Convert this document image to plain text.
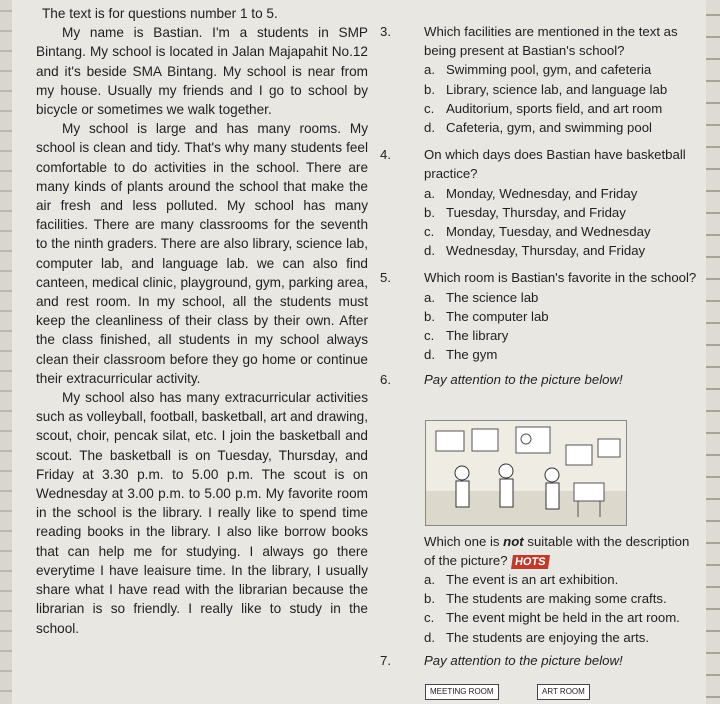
The text is for questions number 1 to 5.

My name is Bastian. I'm a students in SMP Bintang. My school is located in Jalan Majapahit No.12 and it's beside SMA Bintang. My school is near from my house. Usually my friends and I go to school by bicycle or sometimes we walk together.

My school is large and has many rooms. My school is clean and tidy. That's why many students feel comfortable to do activities in the school. There are many kinds of plants around the school that make the air fresh and less polluted. My school has many facilities. There are many classrooms for the seventh to the ninth graders. There are also library, science lab, computer lab, and language lab. we can also find canteen, medical clinic, playground, gym, parking area, and rest room. In my school, all the students must keep the cleanliness of their class by their own. After the class finished, all students in my school always clean their classroom before they go home or continue their extracurricular activity.

My school also has many extracurricular activities such as volleyball, football, basketball, art and drawing, scout, choir, pencak silat, etc. I join the basketball and scout. The basketball is on Tuesday, Thursday, and Friday at 3.30 p.m. to 5.00 p.m. The scout is on Wednesday at 3.00 p.m. to 5.00 p.m. My favorite room in the school is the library. I really like to spend time reading books in the library. I also like borrow books that can help me for studying. I always go there everytime I have leaisure time. In the library, I usually share what I have read with the librarian because the librarian is so friendly. I really like to study in the school.

3.	Which facilities are mentioned in the text as being present at Bastian's school?
a. Swimming pool, gym, and cafeteria
b. Library, science lab, and language lab
c. Auditorium, sports field, and art room
d. Cafeteria, gym, and swimming pool
4.	On which days does Bastian have basketball practice?
a. Monday, Wednesday, and Friday
b. Tuesday, Thursday, and Friday
c. Monday, Tuesday, and Wednesday
d. Wednesday, Thursday, and Friday
5.	Which room is Bastian's favorite in the school?
a. The science lab
b. The computer lab
c. The library
d. The gym
6.	Pay attention to the picture below!
Which one is not suitable with the description of the picture? HOTS
a. The event is an art exhibition.
b. The students are making some crafts.
c. The event might be held in the art room.
d. The students are enjoying the arts.
7.	Pay attention to the picture below!
MEETING ROOM	ART ROOM
